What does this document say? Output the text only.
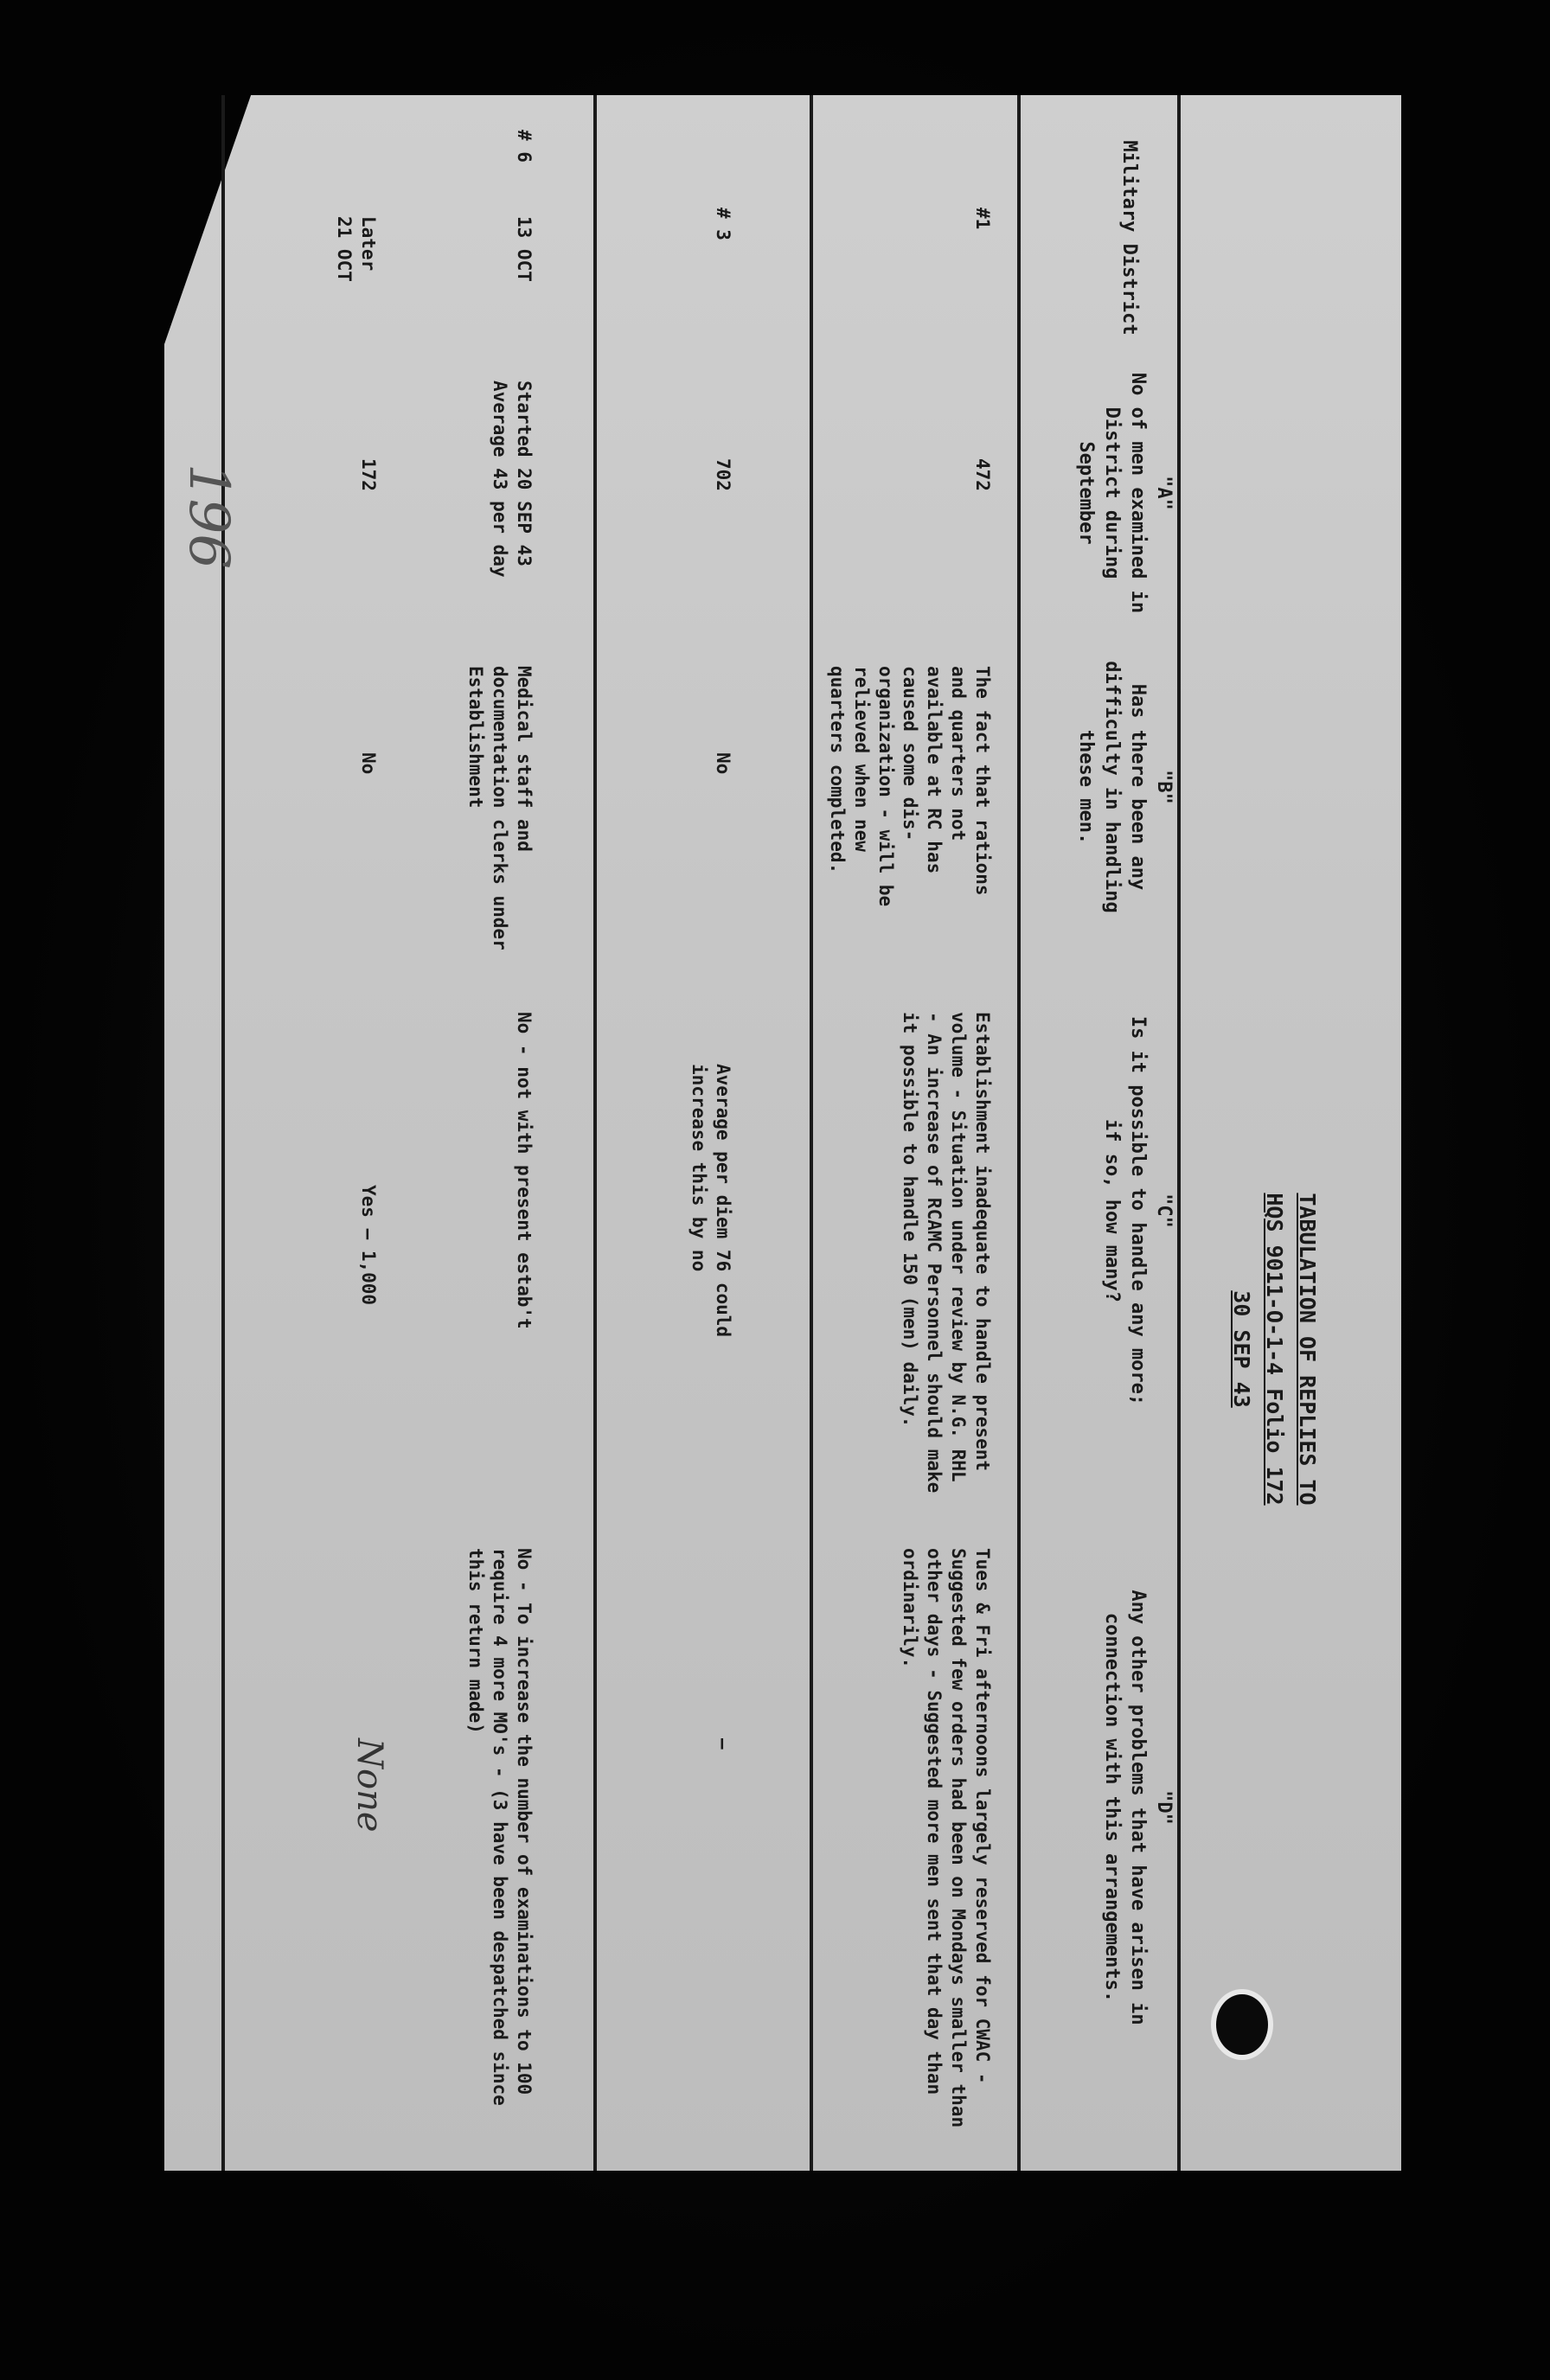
TABULATION OF REPLIES TO
HQS 9011-O-1-4 Folio 172
30 SEP 43
Military District
"A"
No of men examined in District during September
"B"
Has there been any difficulty in handling these men.
"C"
Is it possible to handle any more; if so, how many?
"D"
Any other problems that have arisen in connection with this arrangements.
#1
472
The fact that rations and quarters not available at RC has caused some dis-organization - will be relieved when new quarters completed.
Establishment inadequate to handle present volume - Situation under review by N.G. RHL - An increase of RCAMC Personnel should make it possible to handle 150 (men) daily.
Tues & Fri afternoons largely reserved for CWAC - Suggested few orders had been on Mondays smaller than other days - Suggested more men sent that day than ordinarily.
# 3
702
No
Average per diem 76 could increase this by no
—
# 6
13 OCT
Started 20 SEP 43
Average 43 per day
Medical staff and documentation clerks under Establishment
No - not with present estab't
No - To increase the number of examinations to 100 require 4 more MO's - (3 have been despatched since this return made)
Later
21 OCT
172
No
Yes — 1,000
None
196
